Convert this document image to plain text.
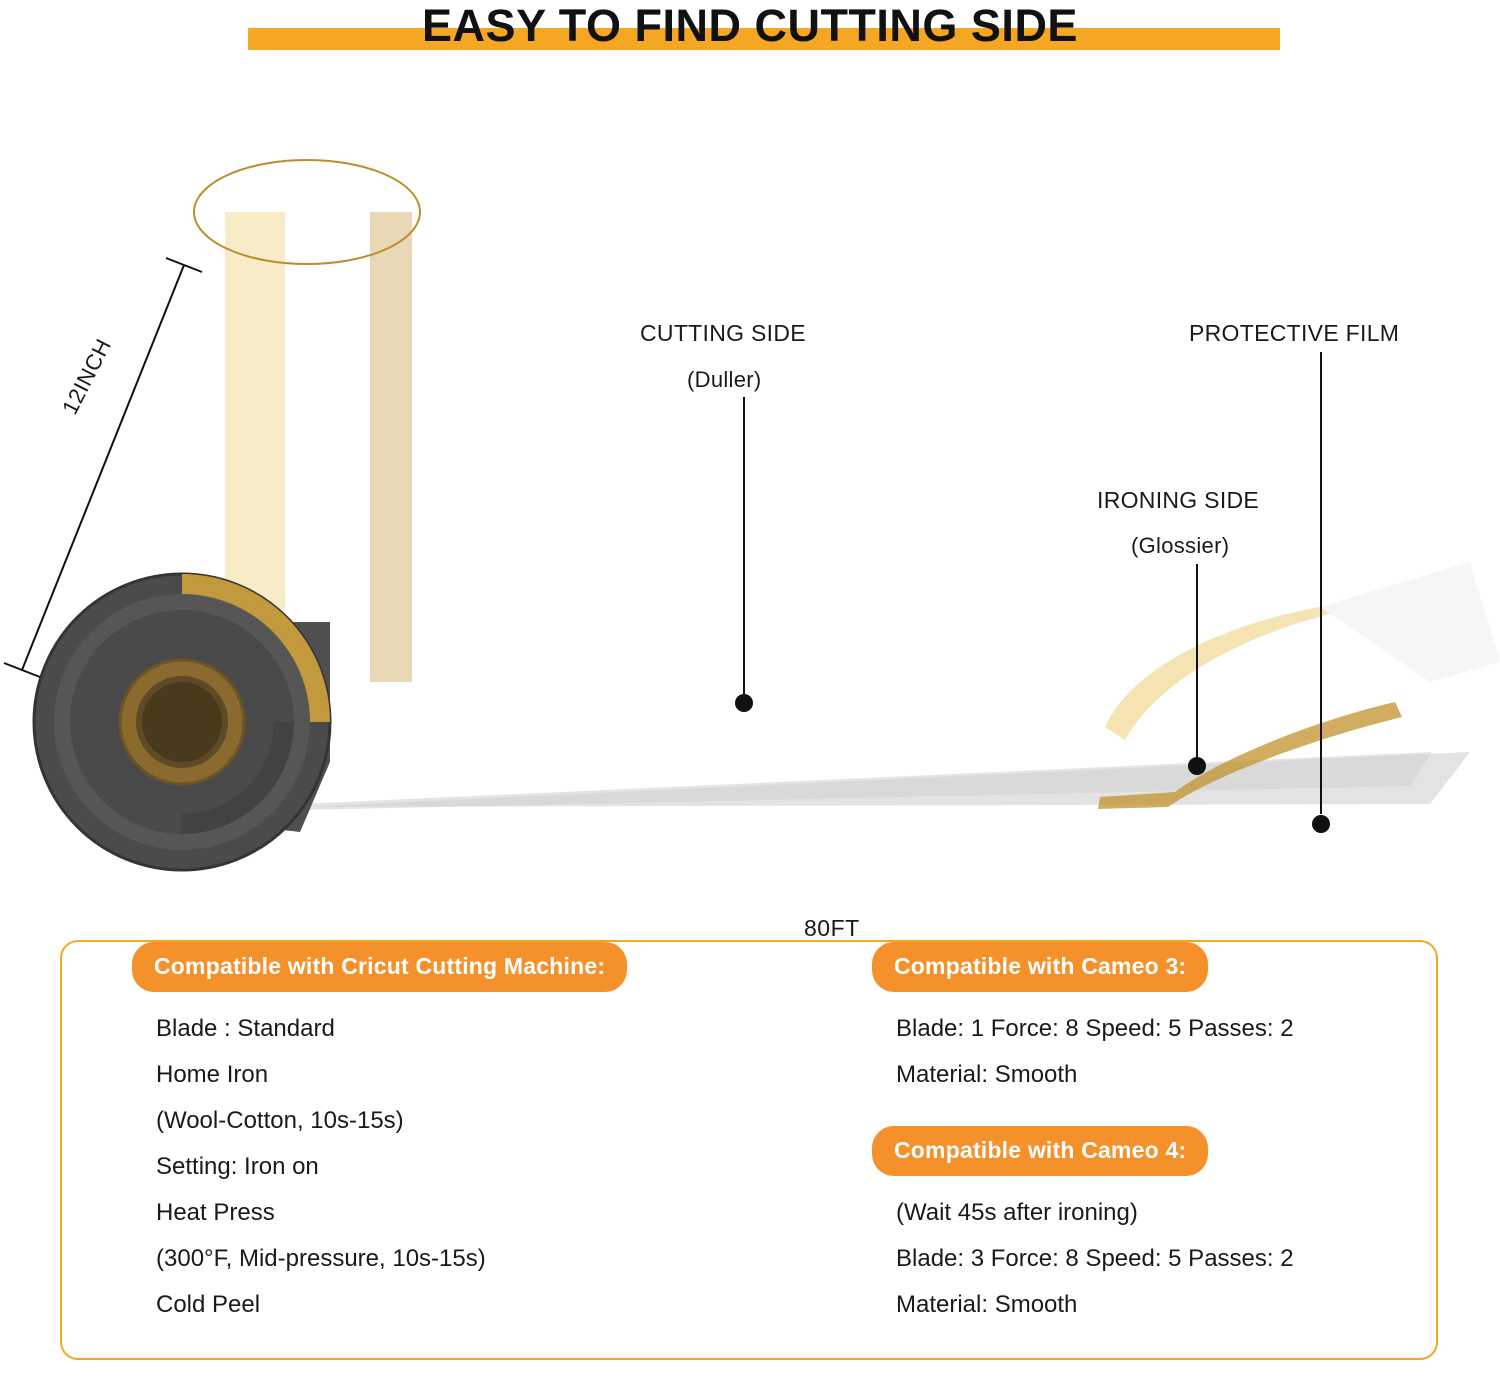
EASY TO FIND CUTTING SIDE
CUTTING SIDE
(Duller)
PROTECTIVE FILM
IRONING SIDE
(Glossier)
12INCH
80FT
Compatible with Cricut Cutting Machine:
Blade : Standard
Home Iron
(Wool-Cotton, 10s-15s)
Setting: Iron on
Heat Press
(300°F, Mid-pressure, 10s-15s)
Cold Peel
Compatible with Cameo 3:
Blade: 1 Force: 8 Speed: 5 Passes: 2
Material: Smooth
Compatible with Cameo 4:
(Wait 45s after ironing)
Blade: 3 Force: 8 Speed: 5 Passes: 2
Material: Smooth
